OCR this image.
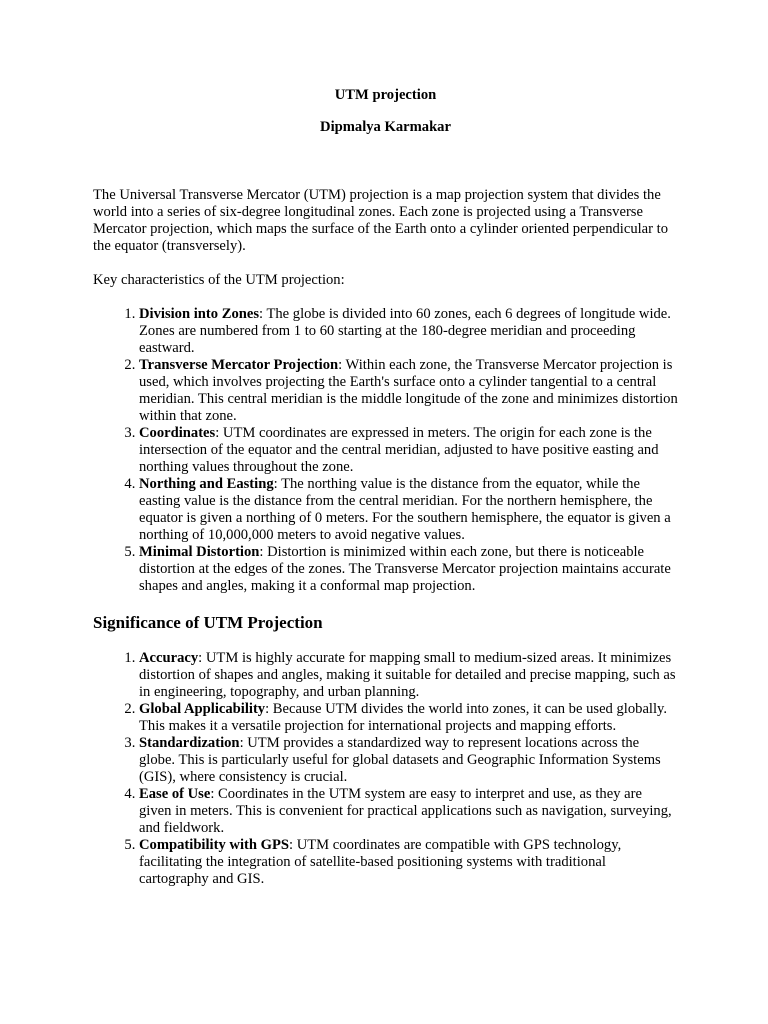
UTM projection

Dipmalya Karmakar

The Universal Transverse Mercator (UTM) projection is a map projection system that divides the world into a series of six-degree longitudinal zones. Each zone is projected using a Transverse Mercator projection, which maps the surface of the Earth onto a cylinder oriented perpendicular to the equator (transversely).

Key characteristics of the UTM projection:

1. Division into Zones: The globe is divided into 60 zones, each 6 degrees of longitude wide. Zones are numbered from 1 to 60 starting at the 180-degree meridian and proceeding eastward.
2. Transverse Mercator Projection: Within each zone, the Transverse Mercator projection is used, which involves projecting the Earth's surface onto a cylinder tangential to a central meridian. This central meridian is the middle longitude of the zone and minimizes distortion within that zone.
3. Coordinates: UTM coordinates are expressed in meters. The origin for each zone is the intersection of the equator and the central meridian, adjusted to have positive easting and northing values throughout the zone.
4. Northing and Easting: The northing value is the distance from the equator, while the easting value is the distance from the central meridian. For the northern hemisphere, the equator is given a northing of 0 meters. For the southern hemisphere, the equator is given a northing of 10,000,000 meters to avoid negative values.
5. Minimal Distortion: Distortion is minimized within each zone, but there is noticeable distortion at the edges of the zones. The Transverse Mercator projection maintains accurate shapes and angles, making it a conformal map projection.
Significance of UTM Projection
1. Accuracy: UTM is highly accurate for mapping small to medium-sized areas. It minimizes distortion of shapes and angles, making it suitable for detailed and precise mapping, such as in engineering, topography, and urban planning.
2. Global Applicability: Because UTM divides the world into zones, it can be used globally. This makes it a versatile projection for international projects and mapping efforts.
3. Standardization: UTM provides a standardized way to represent locations across the globe. This is particularly useful for global datasets and Geographic Information Systems (GIS), where consistency is crucial.
4. Ease of Use: Coordinates in the UTM system are easy to interpret and use, as they are given in meters. This is convenient for practical applications such as navigation, surveying, and fieldwork.
5. Compatibility with GPS: UTM coordinates are compatible with GPS technology, facilitating the integration of satellite-based positioning systems with traditional cartography and GIS.
